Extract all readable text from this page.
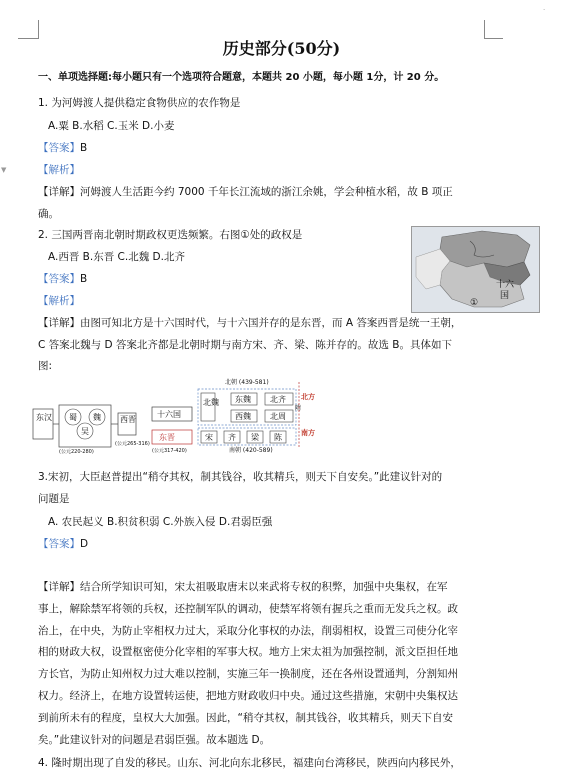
·
▼
历史部分(50分)
一、单项选择题:每小题只有一个选项符合题意，本题共 20 小题，每小题 1分，计 20 分。
1. 为河姆渡人提供稳定食物供应的农作物是
A.粟 B.水稻 C.玉米 D.小麦
【答案】B
【解析】
【详解】河姆渡人生活距今约 7000 千年长江流域的浙江余姚，学会种植水稻，故 B 项正
确。
2. 三国两晋南北朝时期政权更迭频繁。右图①处的政权是
A.西晋 B.东晋 C.北魏 D.北齐
【答案】B
【解析】
【详解】由图可知北方是十六国时代，与十六国并存的是东晋，而 A 答案西晋是统一王朝，
C 答案北魏与 D 答案北齐都是北朝时期与南方宋、齐、梁、陈并存的。故选 B。具体如下
图:
十六
国
①
东汉 蜀 魏
吴
(公元220-280)
西晋
(公元265-316)
十六国
东晋
(公元317-420)
北朝 (439-581)
北魏 东魏 北齐
西魏 北周
隋
宋 齐 梁 陈
南朝 (420-589)
北方
南方
3.宋初，大臣赵普提出“稍夺其权，制其钱谷，收其精兵，则天下自安矣。”此建议针对的
问题是
A. 农民起义 B.积贫积弱 C.外族入侵 D.君弱臣强
【答案】D
【详解】结合所学知识可知，宋太祖吸取唐末以来武将专权的积弊，加强中央集权，在军
事上，解除禁军将领的兵权，还控制军队的调动，使禁军将领有握兵之重而无发兵之权。政
治上，在中央，为防止宰相权力过大，采取分化事权的办法，削弱相权，设置三司使分化宰
相的财政大权，设置枢密使分化宰相的军事大权。地方上宋太祖为加强控制，派文臣担任地
方长官，为防止知州权力过大难以控制，实施三年一换制度，还在各州设置通判，分割知州
权力。经济上，在地方设置转运使，把地方财政收归中央。通过这些措施，宋朝中央集权达
到前所未有的程度，皇权大大加强。因此，“稍夺其权，制其钱谷，收其精兵，则天下自安
矣。”此建议针对的问题是君弱臣强。故本题选 D。
4. 隆时期出现了自发的移民。山东、河北向东北移民，福建向台湾移民，陕西向内移民外，
